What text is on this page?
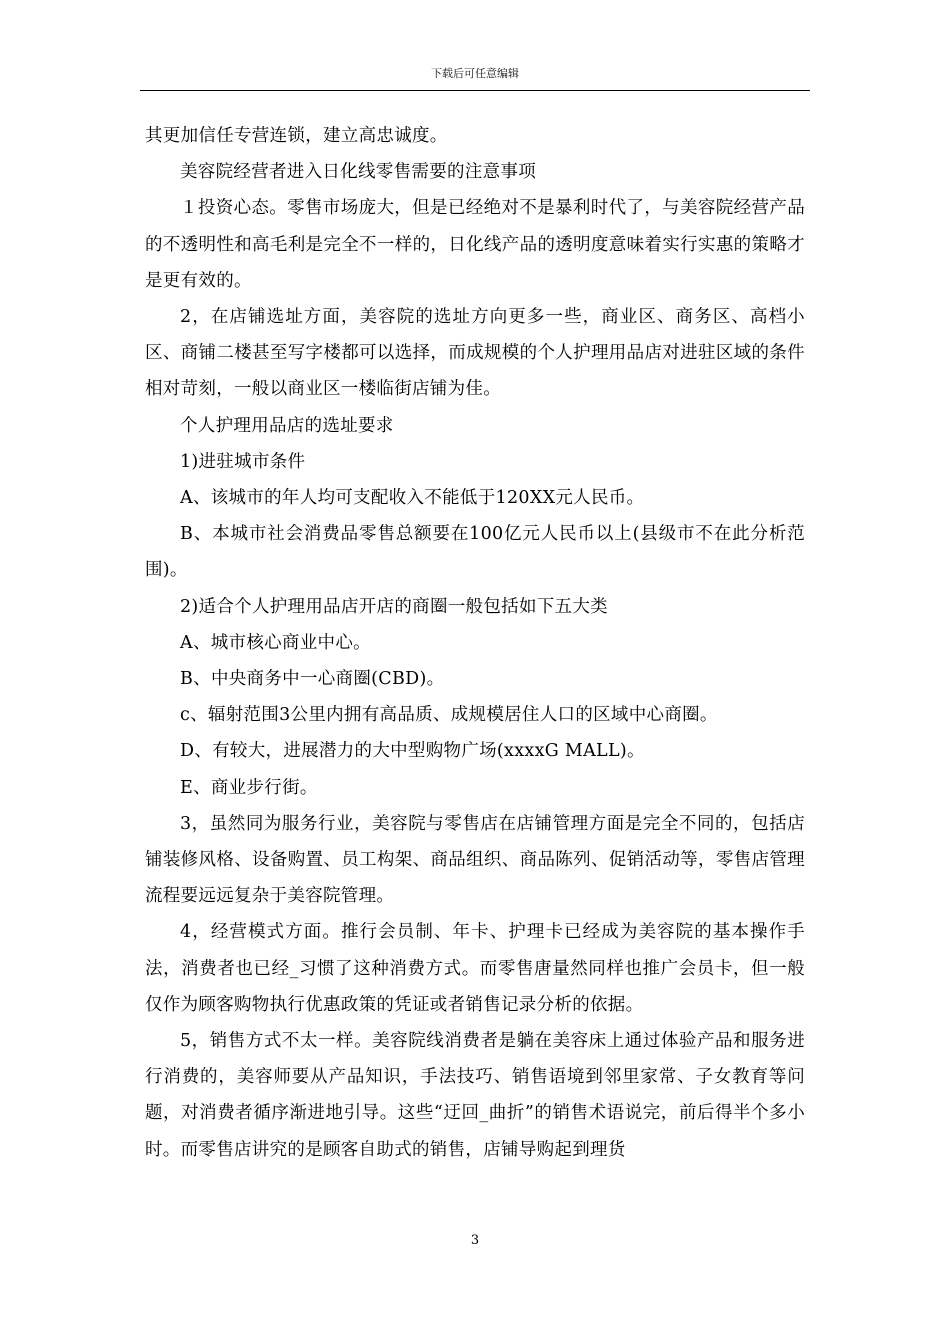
下载后可任意编辑

其更加信任专营连锁，建立高忠诚度。

美容院经营者进入日化线零售需要的注意事项

１投资心态。零售市场庞大，但是已经绝对不是暴利时代了，与美容院经营产品的不透明性和高毛利是完全不一样的，日化线产品的透明度意味着实行实惠的策略才是更有效的。

2，在店铺选址方面，美容院的选址方向更多一些，商业区、商务区、高档小区、商铺二楼甚至写字楼都可以选择，而成规模的个人护理用品店对进驻区域的条件相对苛刻，一般以商业区一楼临街店铺为佳。

个人护理用品店的选址要求

1)进驻城市条件

A、该城市的年人均可支配收入不能低于120XX元人民币。

B、本城市社会消费品零售总额要在100亿元人民币以上(县级市不在此分析范围)。

2)适合个人护理用品店开店的商圈一般包括如下五大类

A、城市核心商业中心。

B、中央商务中一心商圈(CBD)。

c、辐射范围3公里内拥有高品质、成规模居住人口的区域中心商圈。

D、有较大，进展潜力的大中型购物广场(xxxxG MALL)。

E、商业步行街。

3，虽然同为服务行业，美容院与零售店在店铺管理方面是完全不同的，包括店铺装修风格、设备购置、员工构架、商品组织、商品陈列、促销活动等，零售店管理流程要远远复杂于美容院管理。

4，经营模式方面。推行会员制、年卡、护理卡已经成为美容院的基本操作手法，消费者也已经_习惯了这种消费方式。而零售唐量然同样也推广会员卡，但一般仅作为顾客购物执行优惠政策的凭证或者销售记录分析的依据。

5，销售方式不太一样。美容院线消费者是躺在美容床上通过体验产品和服务进行消费的，美容师要从产品知识，手法技巧、销售语境到邻里家常、子女教育等问题，对消费者循序渐进地引导。这些“迂回_曲折”的销售术语说完，前后得半个多小时。而零售店讲究的是顾客自助式的销售，店铺导购起到理货

3
